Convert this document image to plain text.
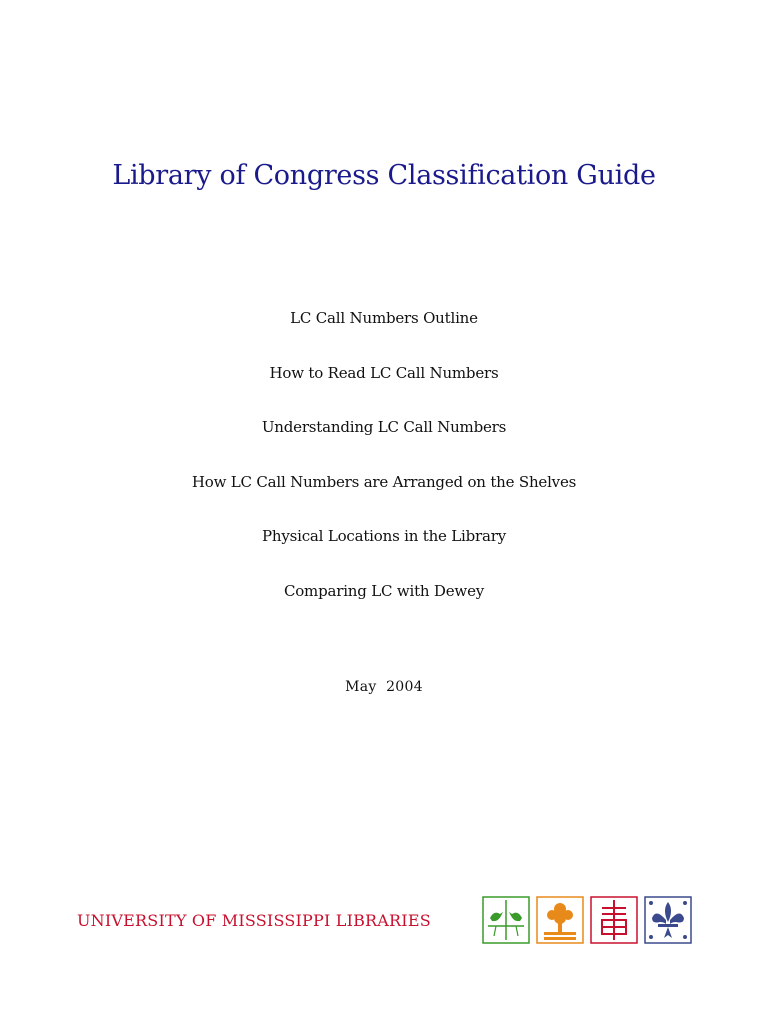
Library of Congress Classification Guide
LC Call Numbers Outline
How to Read LC Call Numbers
Understanding LC Call Numbers
How LC Call Numbers are Arranged on the Shelves
Physical Locations in the Library
Comparing LC with Dewey
May  2004
UNIVERSITY OF MISSISSIPPI LIBRARIES
